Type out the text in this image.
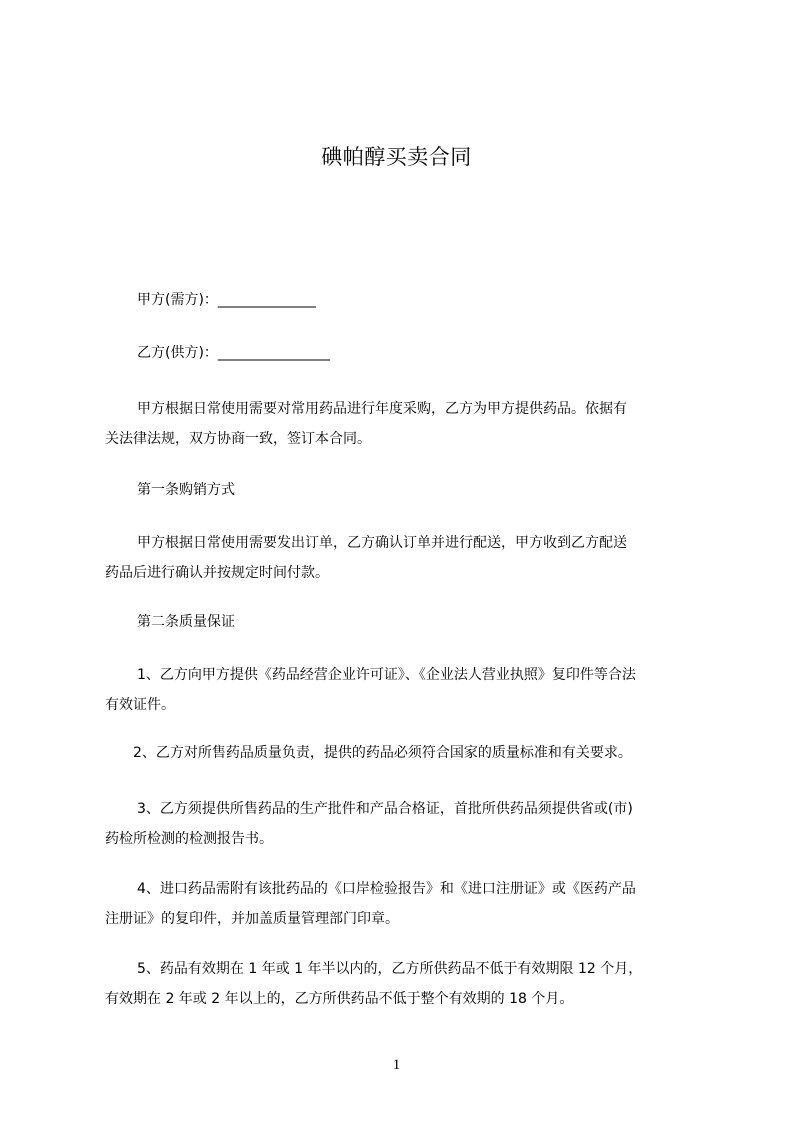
碘帕醇买卖合同
甲方(需方)：______________
乙方(供方)：________________
甲方根据日常使用需要对常用药品进行年度采购，乙方为甲方提供药品。依据有
关法律法规，双方协商一致，签订本合同。
第一条购销方式
甲方根据日常使用需要发出订单，乙方确认订单并进行配送，甲方收到乙方配送
药品后进行确认并按规定时间付款。
第二条质量保证
1、乙方向甲方提供《药品经营企业许可证》、《企业法人营业执照》复印件等合法
有效证件。
2、乙方对所售药品质量负责，提供的药品必须符合国家的质量标准和有关要求。
3、乙方须提供所售药品的生产批件和产品合格证，首批所供药品须提供省或(市)
药检所检测的检测报告书。
4、进口药品需附有该批药品的《口岸检验报告》和《进口注册证》或《医药产品
注册证》的复印件，并加盖质量管理部门印章。
5、药品有效期在 1 年或 1 年半以内的，乙方所供药品不低于有效期限 12 个月，
有效期在 2 年或 2 年以上的，乙方所供药品不低于整个有效期的 18 个月。
1
